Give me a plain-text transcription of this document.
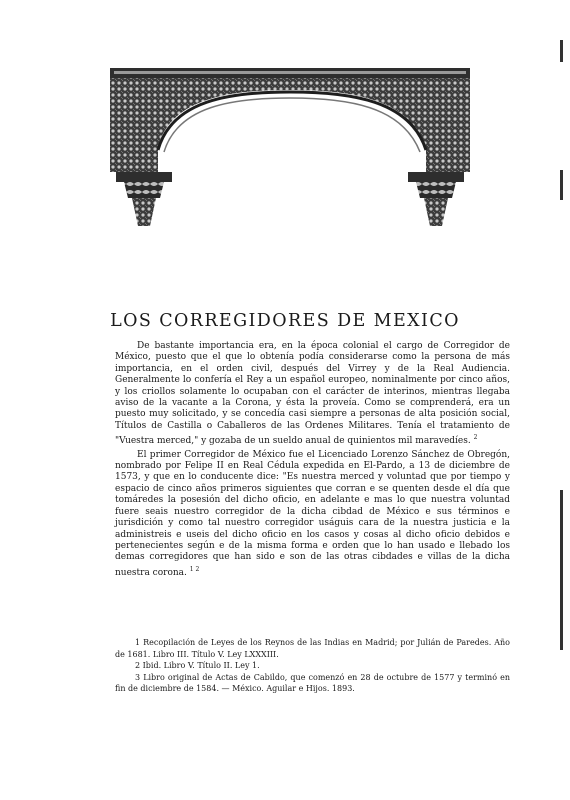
LOS CORREGIDORES DE MEXICO

De bastante importancia era, en la época colonial el cargo de Corregidor de México, puesto que el que lo obtenía podía considerarse como la persona de más importancia, en el orden civil, después del Virrey y de la Real Audiencia. Generalmente lo confería el Rey a un español europeo, nominalmente por cinco años, y los criollos solamente lo ocupaban con el carácter de interinos, mientras llegaba aviso de la vacante a la Corona, y ésta la proveía. Como se comprenderá, era un puesto muy solicitado, y se concedía casi siempre a personas de alta posición social, Títulos de Castilla o Caballeros de las Ordenes Militares. Tenía el tratamiento de "Vuestra merced," y gozaba de un sueldo anual de quinientos mil maravedíes. $^2$

El primer Corregidor de México fue el Licenciado Lorenzo Sánchez de Obregón, nombrado por Felipe II en Real Cédula expedida en El-Pardo, a 13 de diciembre de 1573, y que en lo conducente dice: "Es nuestra merced y voluntad que por tiempo y espacio de cinco años primeros siguientes que corran e se quenten desde el día que tomáredes la posesión del dicho oficio, en adelante e mas lo que nuestra voluntad fuere seais nuestro corregidor de la dicha cibdad de México e sus términos e jurisdición y como tal nuestro corregidor uságuis cara de la nuestra justicia e la administreis e useis del dicho oficio en los casos y cosas al dicho oficio debidos e pertenecientes según e de la misma forma e orden que lo han usado e llebado los demas corregidores que han sido e son de las otras cibdades e villas de la dicha nuestra corona. $^{1 2}$

1 Recopilación de Leyes de los Reynos de las Indias en Madrid; por Julián de Paredes. Año de 1681. Libro III. Título V. Ley LXXXIII.

2 Ibid. Libro V. Título II. Ley 1.

3 Libro original de Actas de Cabildo, que comenzó en 28 de octubre de 1577 y terminó en fin de diciembre de 1584. — México. Aguilar e Hijos. 1893.
